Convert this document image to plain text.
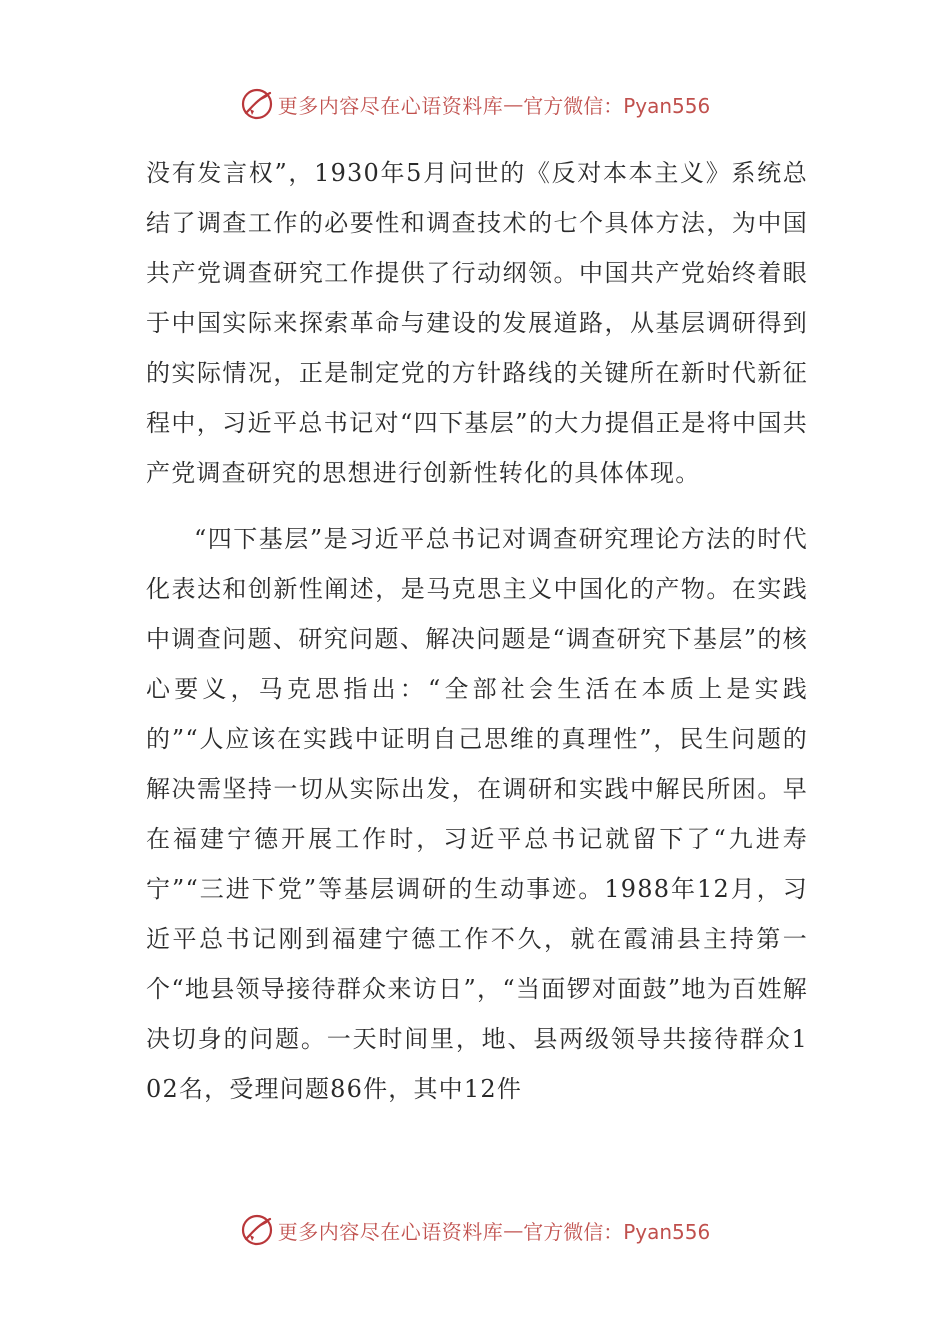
更多内容尽在心语资料库 — 官方微信：Pyan556

没有发言权”，1930年5月问世的《反对本本主义》系统总结了调查工作的必要性和调查技术的七个具体方法，为中国共产党调查研究工作提供了行动纲领。中国共产党始终着眼于中国实际来探索革命与建设的发展道路，从基层调研得到的实际情况，正是制定党的方针路线的关键所在新时代新征程中，习近平总书记对“四下基层”的大力提倡正是将中国共产党调查研究的思想进行创新性转化的具体体现。

“四下基层”是习近平总书记对调查研究理论方法的时代化表达和创新性阐述，是马克思主义中国化的产物。在实践中调查问题、研究问题、解决问题是“调查研究下基层”的核心要义，马克思指出：“全部社会生活在本质上是实践的”“人应该在实践中证明自己思维的真理性”，民生问题的解决需坚持一切从实际出发，在调研和实践中解民所困。早在福建宁德开展工作时，习近平总书记就留下了“九进寿宁”“三进下党”等基层调研的生动事迹。1988年12月，习近平总书记刚到福建宁德工作不久，就在霞浦县主持第一个“地县领导接待群众来访日”，“当面锣对面鼓”地为百姓解决切身的问题。一天时间里，地、县两级领导共接待群众102名，受理问题86件，其中12件

更多内容尽在心语资料库 — 官方微信：Pyan556
